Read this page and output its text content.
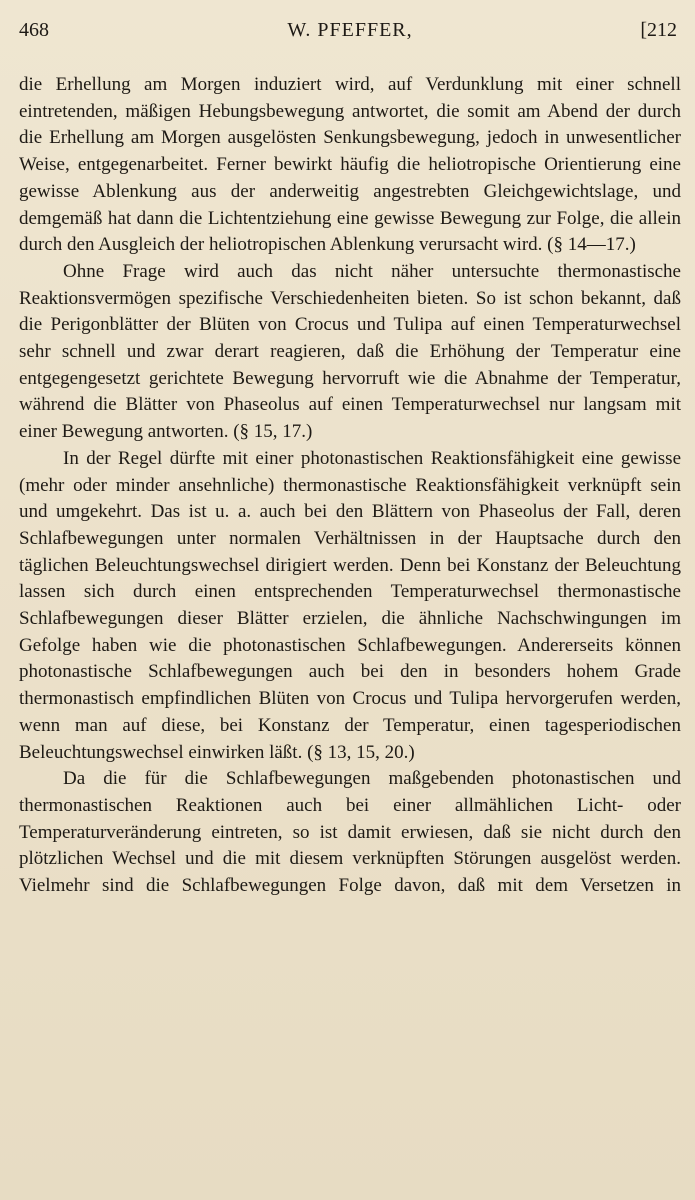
468	W. PFEFFER,	[212

die Erhellung am Morgen induziert wird, auf Verdunklung mit einer schnell eintretenden, mäßigen Hebungsbewegung antwortet, die somit am Abend der durch die Erhellung am Morgen ausgelösten Senkungsbewegung, jedoch in unwesentlicher Weise, entgegenarbeitet. Ferner bewirkt häufig die heliotropische Orientierung eine gewisse Ablenkung aus der anderweitig angestrebten Gleichgewichtslage, und demgemäß hat dann die Lichtentziehung eine gewisse Bewegung zur Folge, die allein durch den Ausgleich der heliotropischen Ablenkung verursacht wird. (§ 14—17.)

Ohne Frage wird auch das nicht näher untersuchte thermonastische Reaktionsvermögen spezifische Verschiedenheiten bieten. So ist schon bekannt, daß die Perigonblätter der Blüten von Crocus und Tulipa auf einen Temperaturwechsel sehr schnell und zwar derart reagieren, daß die Erhöhung der Temperatur eine entgegengesetzt gerichtete Bewegung hervorruft wie die Abnahme der Temperatur, während die Blätter von Phaseolus auf einen Temperaturwechsel nur langsam mit einer Bewegung antworten. (§ 15, 17.)

In der Regel dürfte mit einer photonastischen Reaktionsfähigkeit eine gewisse (mehr oder minder ansehnliche) thermonastische Reaktionsfähigkeit verknüpft sein und umgekehrt. Das ist u. a. auch bei den Blättern von Phaseolus der Fall, deren Schlafbewegungen unter normalen Verhältnissen in der Hauptsache durch den täglichen Beleuchtungswechsel dirigiert werden. Denn bei Konstanz der Beleuchtung lassen sich durch einen entsprechenden Temperaturwechsel thermonastische Schlafbewegungen dieser Blätter erzielen, die ähnliche Nachschwingungen im Gefolge haben wie die photonastischen Schlafbewegungen. Andererseits können photonastische Schlafbewegungen auch bei den in besonders hohem Grade thermonastisch empfindlichen Blüten von Crocus und Tulipa hervorgerufen werden, wenn man auf diese, bei Konstanz der Temperatur, einen tagesperiodischen Beleuchtungswechsel einwirken läßt. (§ 13, 15, 20.)

Da die für die Schlafbewegungen maßgebenden photonastischen und thermonastischen Reaktionen auch bei einer allmählichen Licht- oder Temperaturveränderung eintreten, so ist damit erwiesen, daß sie nicht durch den plötzlichen Wechsel und die mit diesem verknüpften Störungen ausgelöst werden. Vielmehr sind die Schlafbewegungen Folge davon, daß mit dem Versetzen in
